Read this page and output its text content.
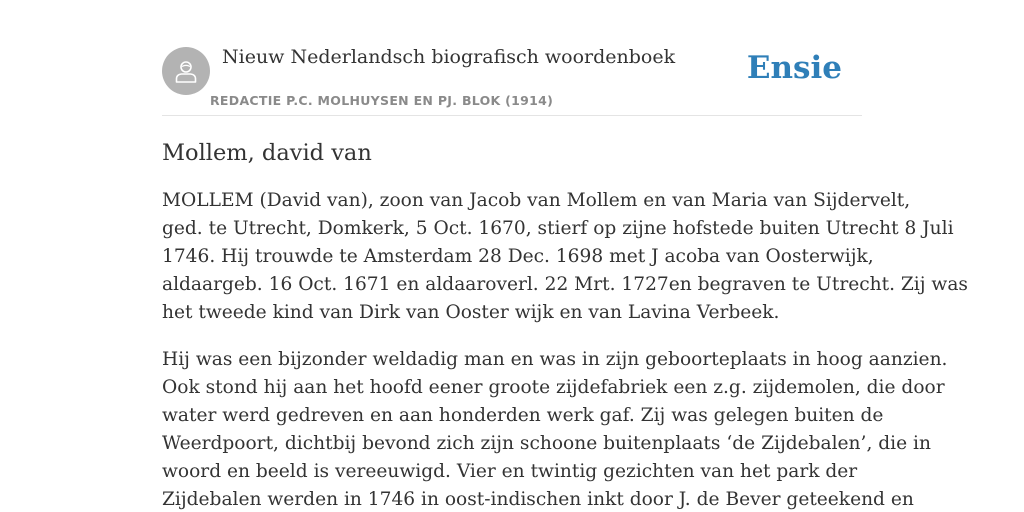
Nieuw Nederlandsch biografisch woordenboek
REDACTIE P.C. MOLHUYSEN EN PJ. BLOK (1914)
Ensie
Mollem, david van

MOLLEM (David van), zoon van Jacob van Mollem en van Maria van Sijdervelt,
ged. te Utrecht, Domkerk, 5 Oct. 1670, stierf op zijne hofstede buiten Utrecht 8 Juli
1746. Hij trouwde te Amsterdam 28 Dec. 1698 met J acoba van Oosterwijk,
aldaargeb. 16 Oct. 1671 en aldaaroverl. 22 Mrt. 1727en begraven te Utrecht. Zij was
het tweede kind van Dirk van Ooster wijk en van Lavina Verbeek.

Hij was een bijzonder weldadig man en was in zijn geboorteplaats in hoog aanzien.
Ook stond hij aan het hoofd eener groote zijdefabriek een z.g. zijdemolen, die door
water werd gedreven en aan honderden werk gaf. Zij was gelegen buiten de
Weerdpoort, dichtbij bevond zich zijn schoone buitenplaats ‘de Zijdebalen’, die in
woord en beeld is vereeuwigd. Vier en twintig gezichten van het park der
Zijdebalen werden in 1746 in oost-indischen inkt door J. de Bever geteekend en
